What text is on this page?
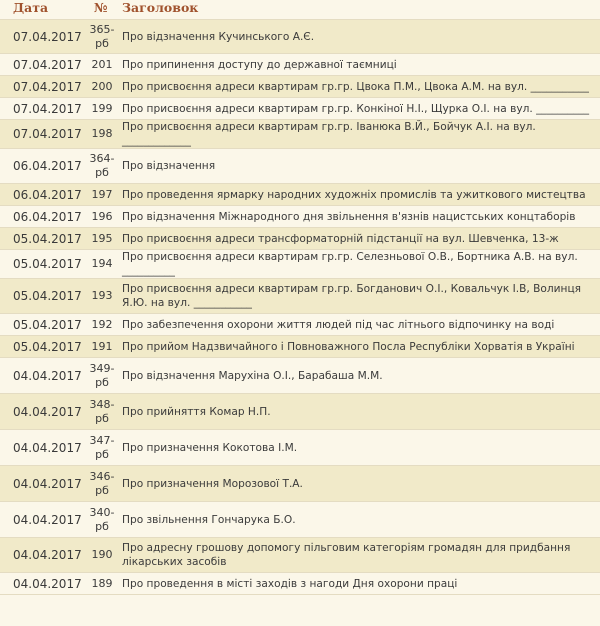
Дата	№	Заголовок
07.04.2017	365-рб	Про відзначення Кучинського А.Є.
07.04.2017	201	Про припинення доступу до державної таємниці
07.04.2017	200	Про присвоєння адреси квартирам гр.гр. Цвока П.М., Цвока А.М. на вул. ___________
07.04.2017	199	Про присвоєння адреси квартирам гр.гр. Конкіної Н.І., Щурка О.І. на вул. __________
07.04.2017	198	Про присвоєння адреси квартирам гр.гр. Іванюка В.Й., Бойчук А.І. на вул. _____________
06.04.2017	364-рб	Про відзначення
06.04.2017	197	Про проведення ярмарку народних художніх промислів та ужиткового мистецтва
06.04.2017	196	Про відзначення Міжнародного дня звільнення в'язнів нацистських концтаборів
05.04.2017	195	Про присвоєння адреси трансформаторній підстанції на вул. Шевченка, 13-ж
05.04.2017	194	Про присвоєння адреси квартирам гр.гр. Селезньової О.В., Бортника А.В. на вул. __________
05.04.2017	193	Про присвоєння адреси квартирам гр.гр. Богданович О.І., Ковальчук І.В, Волинця Я.Ю. на вул. ___________
05.04.2017	192	Про забезпечення охорони життя людей під час літнього відпочинку на воді
05.04.2017	191	Про прийом Надзвичайного і Повноважного Посла Республіки Хорватія в Україні
04.04.2017	349-рб	Про відзначення Марухіна О.І., Барабаша М.М.
04.04.2017	348-рб	Про прийняття Комар Н.П.
04.04.2017	347-рб	Про призначення Кокотова І.М.
04.04.2017	346-рб	Про призначення Морозової Т.А.
04.04.2017	340-рб	Про звільнення Гончарука Б.О.
04.04.2017	190	Про адресну грошову допомогу пільговим категоріям громадян для придбання лікарських засобів
04.04.2017	189	Про проведення в місті заходів з нагоди Дня охорони праці
